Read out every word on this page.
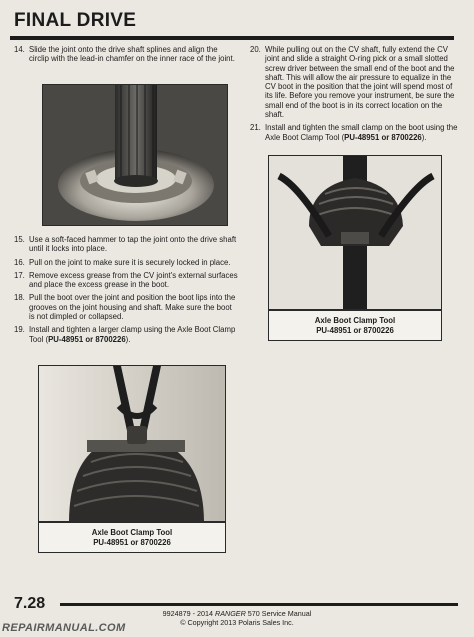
FINAL DRIVE
14. Slide the joint onto the drive shaft splines and align the circlip with the lead-in chamfer on the inner race of the joint.
15. Use a soft-faced hammer to tap the joint onto the drive shaft until it locks into place.
16. Pull on the joint to make sure it is securely locked in place.
17. Remove excess grease from the CV joint's external surfaces and place the excess grease in the boot.
18. Pull the boot over the joint and position the boot lips into the grooves on the joint housing and shaft. Make sure the boot is not dimpled or collapsed.
19. Install and tighten a larger clamp using the Axle Boot Clamp Tool (PU-48951 or 8700226).
Axle Boot Clamp Tool
PU-48951 or 8700226
20. While pulling out on the CV shaft, fully extend the CV joint and slide a straight O-ring pick or a small slotted screw driver between the small end of the boot and the shaft. This will allow the air pressure to equalize in the CV boot in the position that the joint will spend most of its life. Before you remove your instrument, be sure the small end of the boot is in its correct location on the shaft.
21. Install and tighten the small clamp on the boot using the Axle Boot Clamp Tool (PU-48951 or 8700226).
Axle Boot Clamp Tool
PU-48951 or 8700226
7.28
9924879 - 2014 RANGER 570 Service Manual
© Copyright 2013 Polaris Sales Inc.
REPAIRMANUAL.COM
